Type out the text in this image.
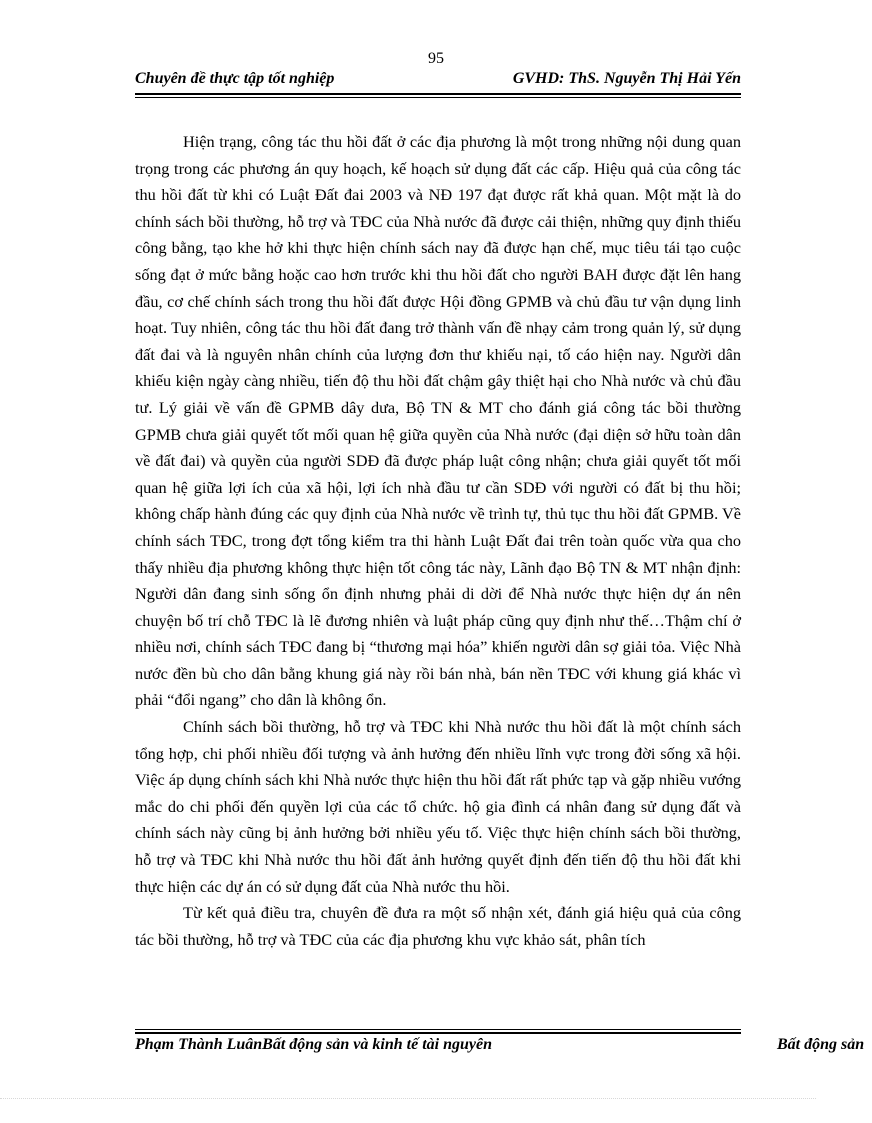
95
Chuyên đề thực tập tốt nghiệp	GVHD: ThS. Nguyễn Thị Hải Yến

Hiện trạng, công tác thu hồi đất ở các địa phương là một trong những nội dung quan trọng trong các phương án quy hoạch, kế hoạch sử dụng đất các cấp. Hiệu quả của công tác thu hồi đất từ khi có Luật Đất đai 2003 và NĐ 197 đạt được rất khả quan. Một mặt là do chính sách bồi thường, hỗ trợ và TĐC của Nhà nước đã được cải thiện, những quy định thiếu công bằng, tạo khe hở khi thực hiện chính sách nay đã được hạn chế, mục tiêu tái tạo cuộc sống đạt ở mức bằng hoặc cao hơn trước khi thu hồi đất cho người BAH được đặt lên hang đầu, cơ chế chính sách trong thu hồi đất được Hội đồng GPMB và chủ đầu tư vận dụng linh hoạt. Tuy nhiên, công tác thu hồi đất đang trở thành vấn đề nhạy cảm trong quản lý, sử dụng đất đai và là nguyên nhân chính của lượng đơn thư khiếu nại, tố cáo hiện nay. Người dân khiếu kiện ngày càng nhiều, tiến độ thu hồi đất chậm gây thiệt hại cho Nhà nước và chủ đầu tư. Lý giải về vấn đề GPMB dây dưa, Bộ TN & MT cho đánh giá công tác bồi thường GPMB chưa giải quyết tốt mối quan hệ giữa quyền của Nhà nước (đại diện sở hữu toàn dân về đất đai) và quyền của người SDĐ đã được pháp luật công nhận; chưa giải quyết tốt mối quan hệ giữa lợi ích của xã hội, lợi ích nhà đầu tư cần SDĐ với người có đất bị thu hồi; không chấp hành đúng các quy định của Nhà nước về trình tự, thủ tục thu hồi đất GPMB. Về chính sách TĐC, trong đợt tổng kiểm tra thi hành Luật Đất đai trên toàn quốc vừa qua cho thấy nhiều địa phương không thực hiện tốt công tác này, Lãnh đạo Bộ TN & MT nhận định: Người dân đang sinh sống ổn định nhưng phải di dời để Nhà nước thực hiện dự án nên chuyện bố trí chỗ TĐC là lẽ đương nhiên và luật pháp cũng quy định như thế…Thậm chí ở nhiều nơi, chính sách TĐC đang bị “thương mại hóa” khiến người dân sợ giải tỏa. Việc Nhà nước đền bù cho dân bằng khung giá này rồi bán nhà, bán nền TĐC với khung giá khác vì phải “đổi ngang” cho dân là không ổn.

Chính sách bồi thường, hỗ trợ và TĐC khi Nhà nước thu hồi đất là một chính sách tổng hợp, chi phối nhiều đối tượng và ảnh hưởng đến nhiều lĩnh vực trong đời sống xã hội. Việc áp dụng chính sách khi Nhà nước thực hiện thu hồi đất rất phức tạp và gặp nhiều vướng mắc do chi phối đến quyền lợi của các tổ chức. hộ gia đình cá nhân đang sử dụng đất và chính sách này cũng bị ảnh hưởng bởi nhiều yếu tố. Việc thực hiện chính sách bồi thường, hỗ trợ và TĐC khi Nhà nước thu hồi đất ảnh hưởng quyết định đến tiến độ thu hồi đất khi thực hiện các dự án có sử dụng đất của Nhà nước thu hồi.

Từ kết quả điều tra, chuyên đề đưa ra một số nhận xét, đánh giá hiệu quả của công tác bồi thường, hỗ trợ và TĐC của các địa phương khu vực khảo sát, phân tích

Phạm Thành LuânBất động sản và kinh tế tài nguyên	Bất động sản
